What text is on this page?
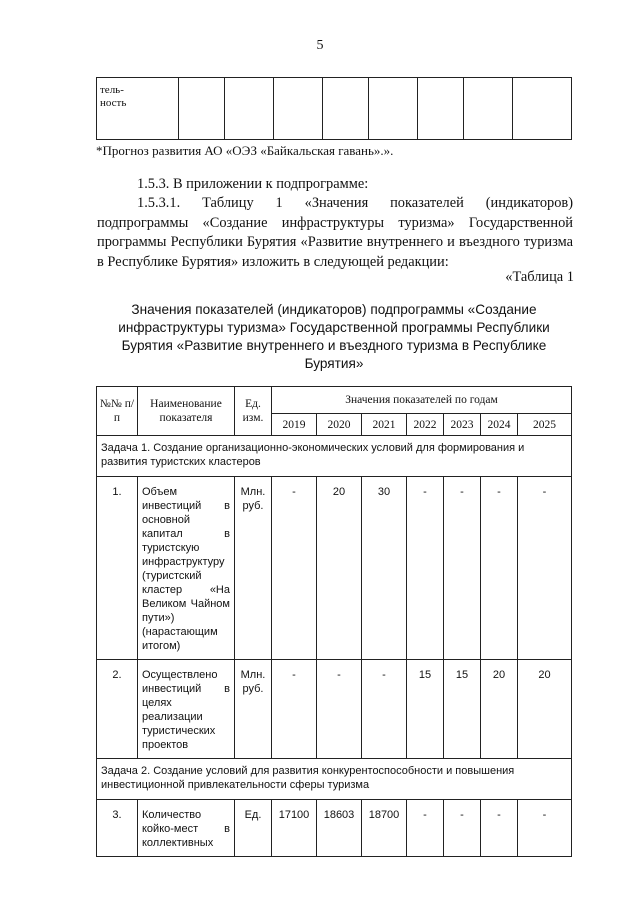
5
тель-
ность								
*Прогноз развития АО «ОЭЗ «Байкальская гавань».».
1.5.3. В приложении к подпрограмме:
1.5.3.1. Таблицу 1 «Значения показателей (индикаторов) подпрограммы «Создание инфраструктуры туризма» Государственной программы Республики Бурятия «Развитие внутреннего и въездного туризма в Республике Бурятия» изложить в следующей редакции:
«Таблица 1
Значения показателей (индикаторов) подпрограммы «Создание инфраструктуры туризма» Государственной программы Республики Бурятия «Развитие внутреннего и въездного туризма в Республике Бурятия»
№№ п/п	Наименование показателя	Ед. изм.	Значения показателей по годам						
			2019	2020	2021	2022	2023	2024	2025
Задача 1. Создание организационно-экономических условий для формирования и развития туристских кластеров									
1.	Объем инвестиций в основной капитал в туристскую инфраструктуру (туристский кластер «На Великом Чайном пути») (нарастающим итогом)	Млн. руб.	-	20	30	-	-	-	-
2.	Осуществлено инвестиций в целях реализации туристических проектов	Млн. руб.	-	-	-	15	15	20	20
Задача 2. Создание условий для развития конкурентоспособности и повышения инвестиционной привлекательности сферы туризма									
3.	Количество койко-мест в коллективных	Ед.	17100	18603	18700	-	-	-	-
